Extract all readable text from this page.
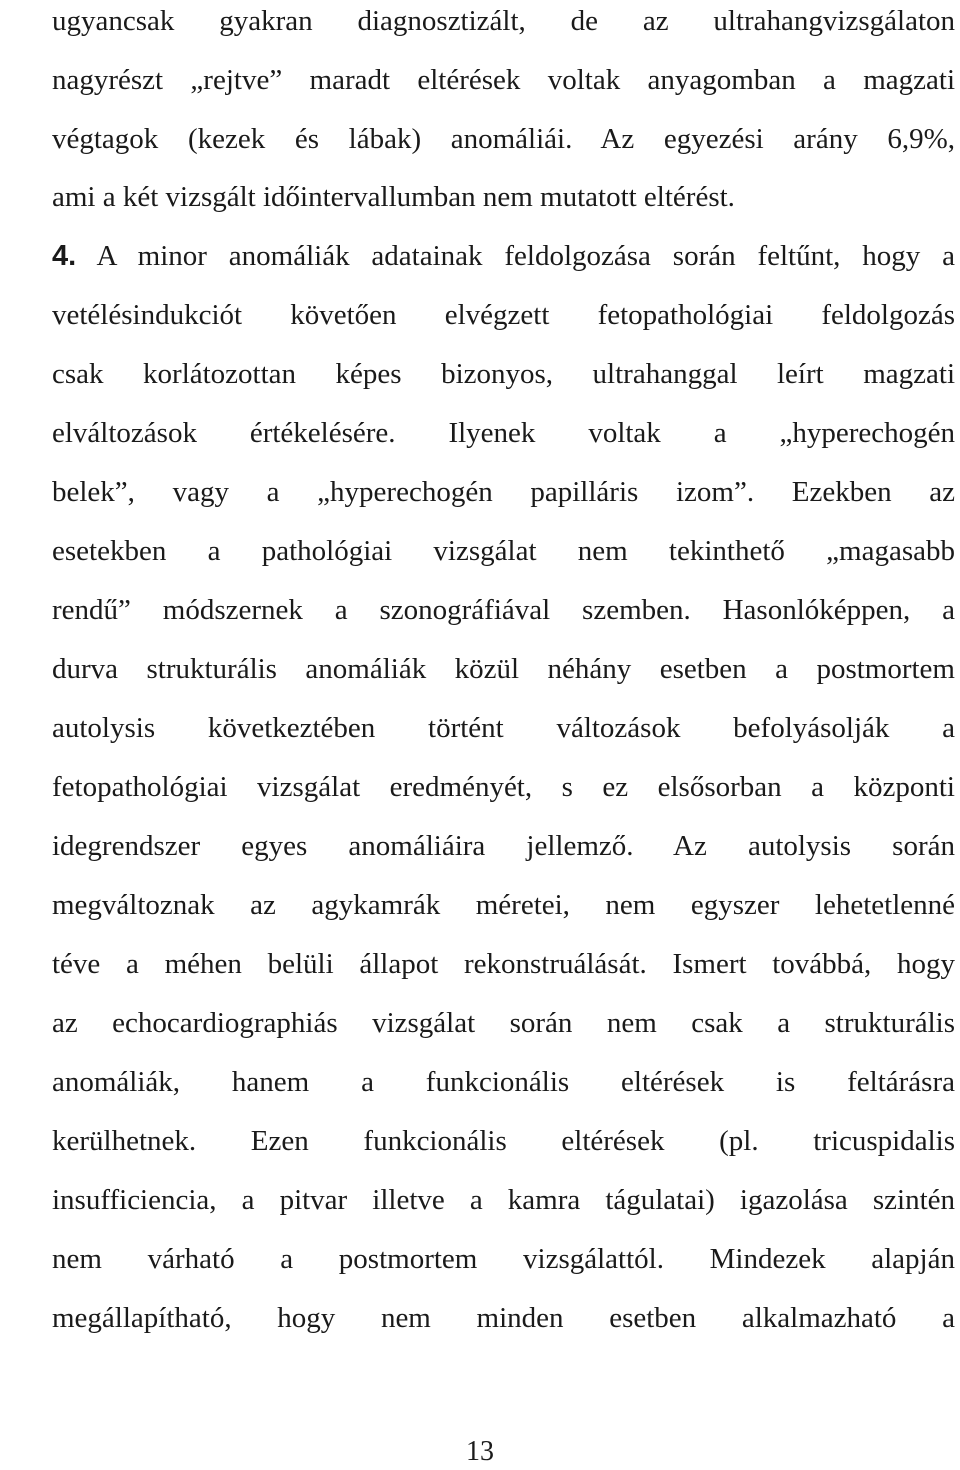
ugyancsak gyakran diagnosztizált, de az ultrahangvizsgálaton
nagyrészt „rejtve” maradt eltérések voltak anyagomban a magzati
végtagok (kezek és lábak) anomáliái. Az egyezési arány 6,9%,
ami a két vizsgált időintervallumban nem mutatott eltérést.
4. A minor anomáliák adatainak feldolgozása során feltűnt, hogy a
vetélésindukciót követően elvégzett fetopathológiai feldolgozás
csak korlátozottan képes bizonyos, ultrahanggal leírt magzati
elváltozások értékelésére. Ilyenek voltak a „hyperechogén
belek”, vagy a „hyperechogén papilláris izom”. Ezekben az
esetekben a pathológiai vizsgálat nem tekinthető „magasabb
rendű” módszernek a szonográfiával szemben. Hasonlóképpen, a
durva strukturális anomáliák közül néhány esetben a postmortem
autolysis következtében történt változások befolyásolják a
fetopathológiai vizsgálat eredményét, s ez elsősorban a központi
idegrendszer egyes anomáliáira jellemző. Az autolysis során
megváltoznak az agykamrák méretei, nem egyszer lehetetlenné
téve a méhen belüli állapot rekonstruálását. Ismert továbbá, hogy
az echocardiographiás vizsgálat során nem csak a strukturális
anomáliák, hanem a funkcionális eltérések is feltárásra
kerülhetnek. Ezen funkcionális eltérések (pl. tricuspidalis
insufficiencia, a pitvar illetve a kamra tágulatai) igazolása szintén
nem várható a postmortem vizsgálattól. Mindezek alapján
megállapítható, hogy nem minden esetben alkalmazható a
13
